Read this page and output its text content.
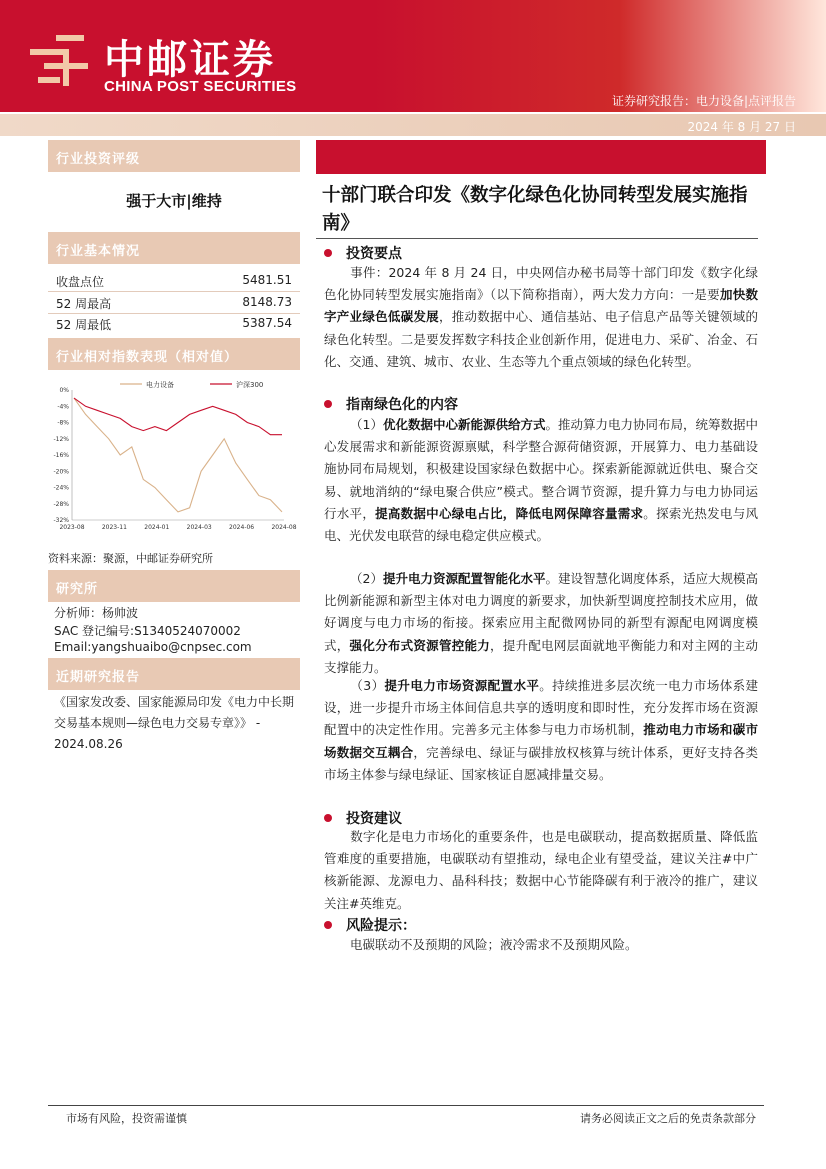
中邮证券
CHINA POST SECURITIES
证券研究报告：电力设备|点评报告
2024 年 8 月 27 日
行业投资评级
强于大市|维持
行业基本情况
收盘点位	5481.51
52 周最高	8148.73
52 周最低	5387.54
行业相对指数表现（相对值）
0%
-4%
-8%
-12%
-16%
-20%
-24%
-28%
-32%
2023-08	2023-11	2024-01	2024-03	2024-06	2024-08
电力设备	沪深300
资料来源：聚源，中邮证券研究所
研究所
分析师：杨帅波
SAC 登记编号:S1340524070002
Email:yangshuaibo@cnpsec.com
近期研究报告
《国家发改委、国家能源局印发《电力中长期交易基本规则—绿色电力交易专章》》 - 2024.08.26
十部门联合印发《数字化绿色化协同转型发展实施指南》
投资要点
事件：2024 年 8 月 24 日，中央网信办秘书局等十部门印发《数字化绿色化协同转型发展实施指南》（以下简称指南），两大发力方向：一是要加快数字产业绿色低碳发展，推动数据中心、通信基站、电子信息产品等关键领域的绿色化转型。二是要发挥数字科技企业创新作用，促进电力、采矿、冶金、石化、交通、建筑、城市、农业、生态等九个重点领域的绿色化转型。
指南绿色化的内容
（1）优化数据中心新能源供给方式。推动算力电力协同布局，统筹数据中心发展需求和新能源资源禀赋，科学整合源荷储资源，开展算力、电力基础设施协同布局规划，积极建设国家绿色数据中心。探索新能源就近供电、聚合交易、就地消纳的“绿电聚合供应”模式。整合调节资源，提升算力与电力协同运行水平，提高数据中心绿电占比，降低电网保障容量需求。探索光热发电与风电、光伏发电联营的绿电稳定供应模式。
（2）提升电力资源配置智能化水平。建设智慧化调度体系，适应大规模高比例新能源和新型主体对电力调度的新要求，加快新型调度控制技术应用，做好调度与电力市场的衔接。探索应用主配微网协同的新型有源配电网调度模式，强化分布式资源管控能力，提升配电网层面就地平衡能力和对主网的主动支撑能力。
（3）提升电力市场资源配置水平。持续推进多层次统一电力市场体系建设，进一步提升市场主体间信息共享的透明度和即时性，充分发挥市场在资源配置中的决定性作用。完善多元主体参与电力市场机制，推动电力市场和碳市场数据交互耦合，完善绿电、绿证与碳排放权核算与统计体系，更好支持各类市场主体参与绿电绿证、国家核证自愿减排量交易。
投资建议
数字化是电力市场化的重要条件，也是电碳联动，提高数据质量、降低监管难度的重要措施，电碳联动有望推动，绿电企业有望受益，建议关注#中广核新能源、龙源电力、晶科科技；数据中心节能降碳有利于液冷的推广，建议关注#英维克。
风险提示：
电碳联动不及预期的风险；液冷需求不及预期风险。
市场有风险，投资需谨慎	请务必阅读正文之后的免责条款部分
